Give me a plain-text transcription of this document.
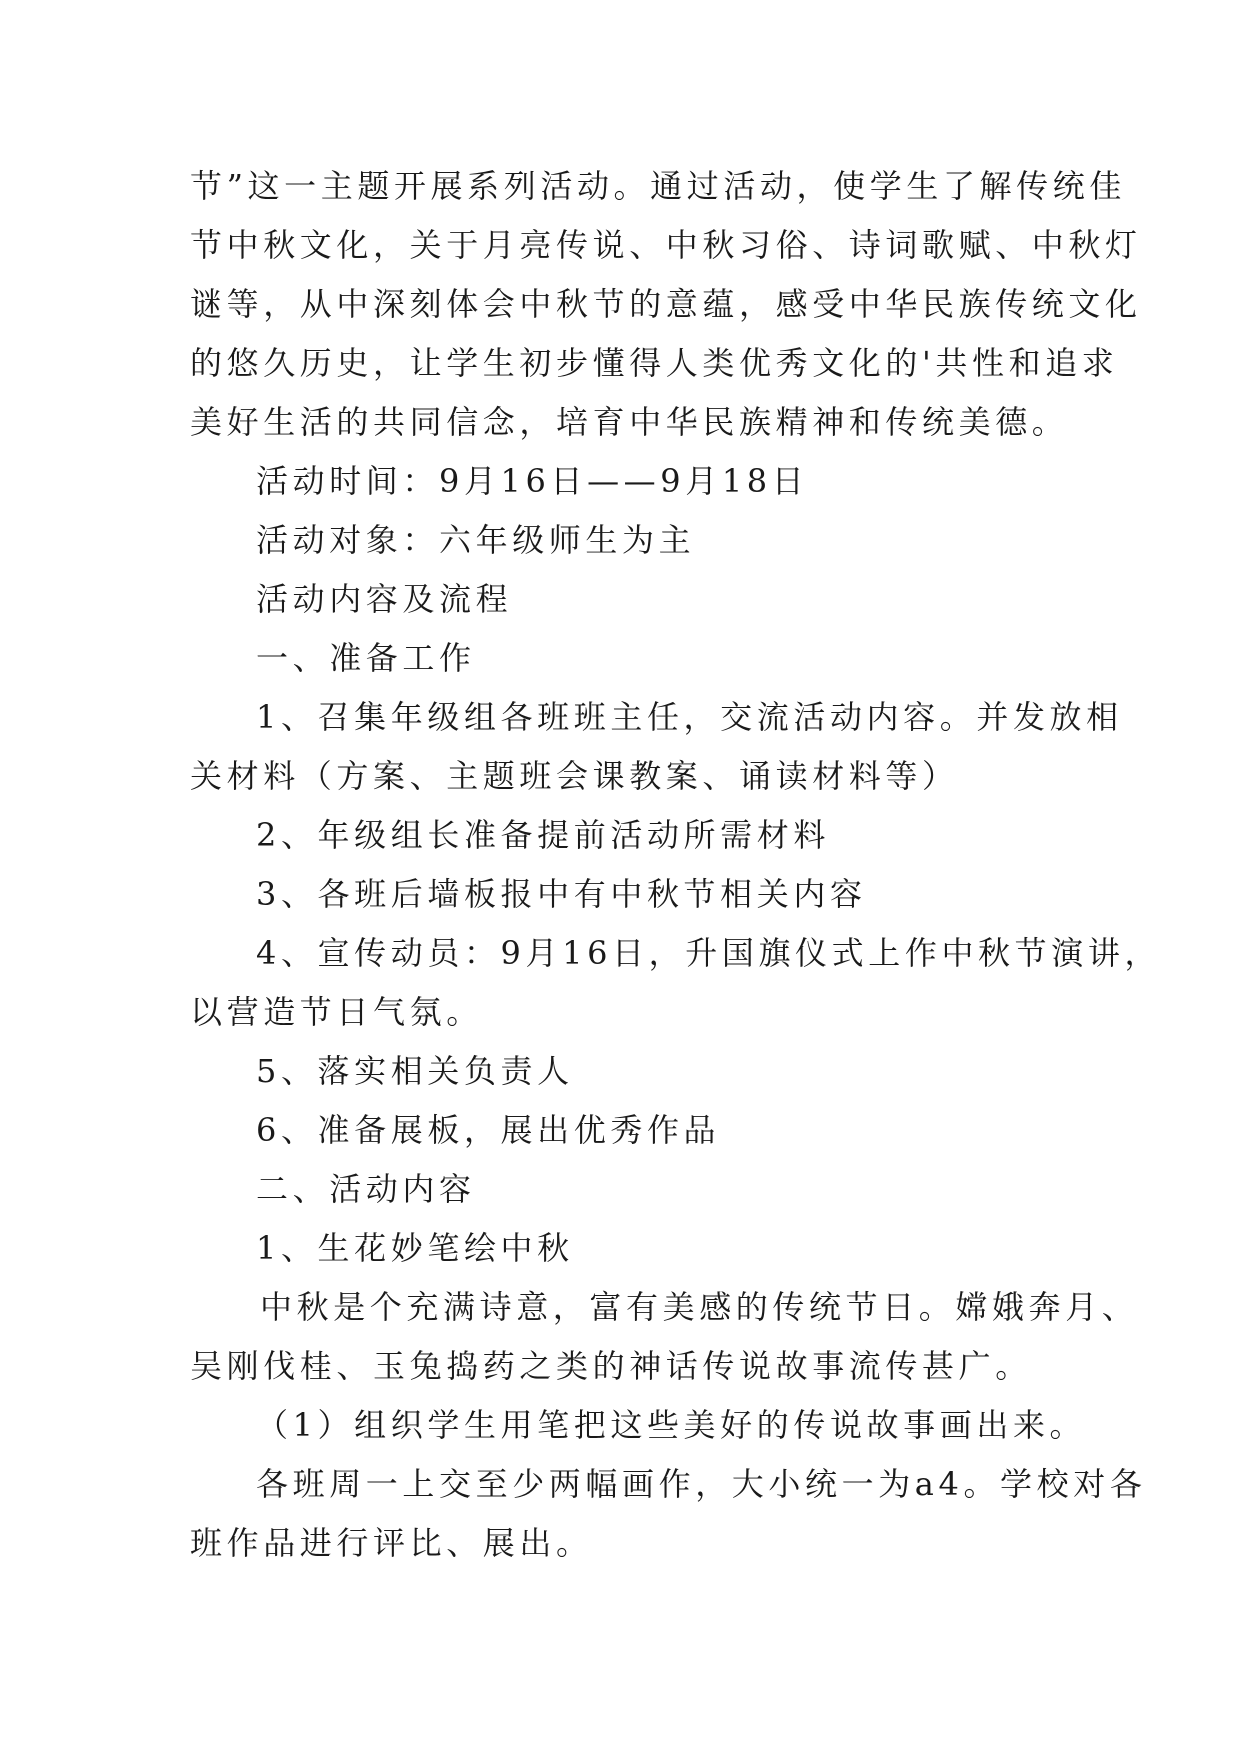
节”这一主题开展系列活动。通过活动，使学生了解传统佳
节中秋文化，关于月亮传说、中秋习俗、诗词歌赋、中秋灯
谜等，从中深刻体会中秋节的意蕴，感受中华民族传统文化
的悠久历史，让学生初步懂得人类优秀文化的'共性和追求
美好生活的共同信念，培育中华民族精神和传统美德。
活动时间：9月16日——9月18日
活动对象：六年级师生为主
活动内容及流程
一、准备工作
1、召集年级组各班班主任，交流活动内容。并发放相
关材料（方案、主题班会课教案、诵读材料等）
2、年级组长准备提前活动所需材料
3、各班后墙板报中有中秋节相关内容
4、宣传动员：9月16日，升国旗仪式上作中秋节演讲，
以营造节日气氛。
5、落实相关负责人
6、准备展板，展出优秀作品
二、活动内容
1、生花妙笔绘中秋
中秋是个充满诗意，富有美感的传统节日。嫦娥奔月、
吴刚伐桂、玉兔捣药之类的神话传说故事流传甚广。
（1）组织学生用笔把这些美好的传说故事画出来。
各班周一上交至少两幅画作，大小统一为a4。学校对各
班作品进行评比、展出。
